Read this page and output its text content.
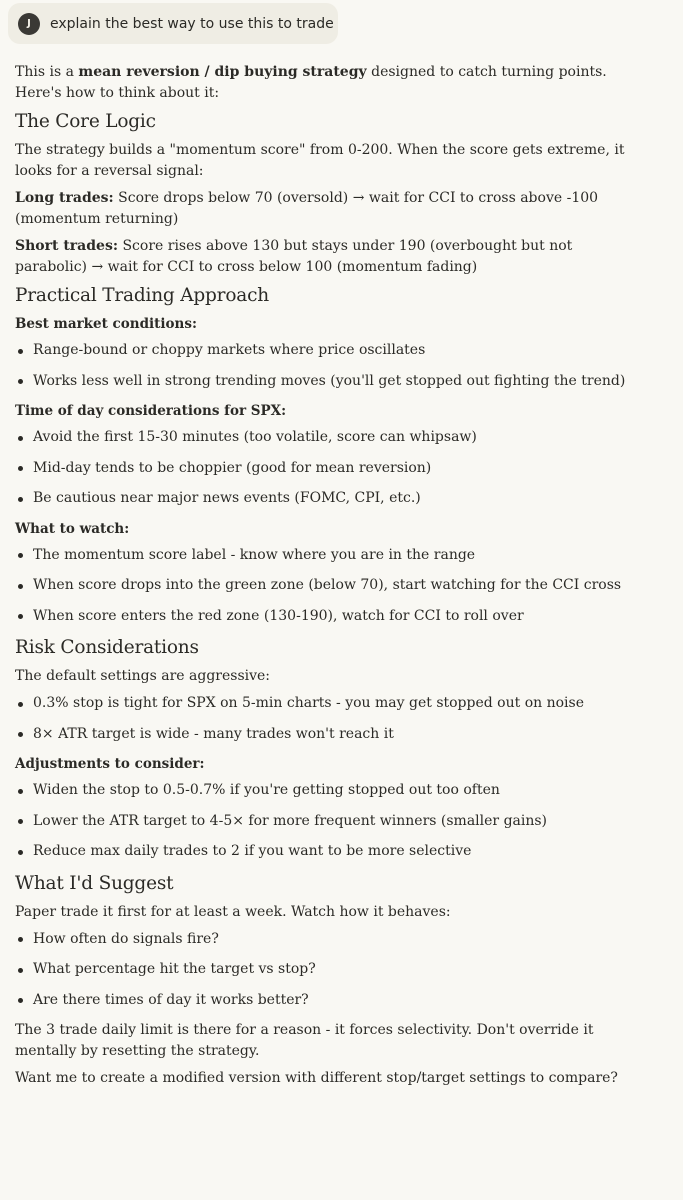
J	explain the best way to use this to trade

This is a mean reversion / dip buying strategy designed to catch turning points. Here's how to think about it:

The Core Logic

The strategy builds a "momentum score" from 0-200. When the score gets extreme, it looks for a reversal signal:

Long trades: Score drops below 70 (oversold) → wait for CCI to cross above -100 (momentum returning)

Short trades: Score rises above 130 but stays under 190 (overbought but not parabolic) → wait for CCI to cross below 100 (momentum fading)

Practical Trading Approach

Best market conditions:

Range-bound or choppy markets where price oscillates
Works less well in strong trending moves (you'll get stopped out fighting the trend)

Time of day considerations for SPX:

Avoid the first 15-30 minutes (too volatile, score can whipsaw)
Mid-day tends to be choppier (good for mean reversion)
Be cautious near major news events (FOMC, CPI, etc.)

What to watch:

The momentum score label - know where you are in the range
When score drops into the green zone (below 70), start watching for the CCI cross
When score enters the red zone (130-190), watch for CCI to roll over
Risk Considerations

The default settings are aggressive:

0.3% stop is tight for SPX on 5-min charts - you may get stopped out on noise
8× ATR target is wide - many trades won't reach it

Adjustments to consider:

Widen the stop to 0.5-0.7% if you're getting stopped out too often
Lower the ATR target to 4-5× for more frequent winners (smaller gains)
Reduce max daily trades to 2 if you want to be more selective
What I'd Suggest

Paper trade it first for at least a week. Watch how it behaves:

How often do signals fire?
What percentage hit the target vs stop?
Are there times of day it works better?

The 3 trade daily limit is there for a reason - it forces selectivity. Don't override it mentally by resetting the strategy.

Want me to create a modified version with different stop/target settings to compare?
